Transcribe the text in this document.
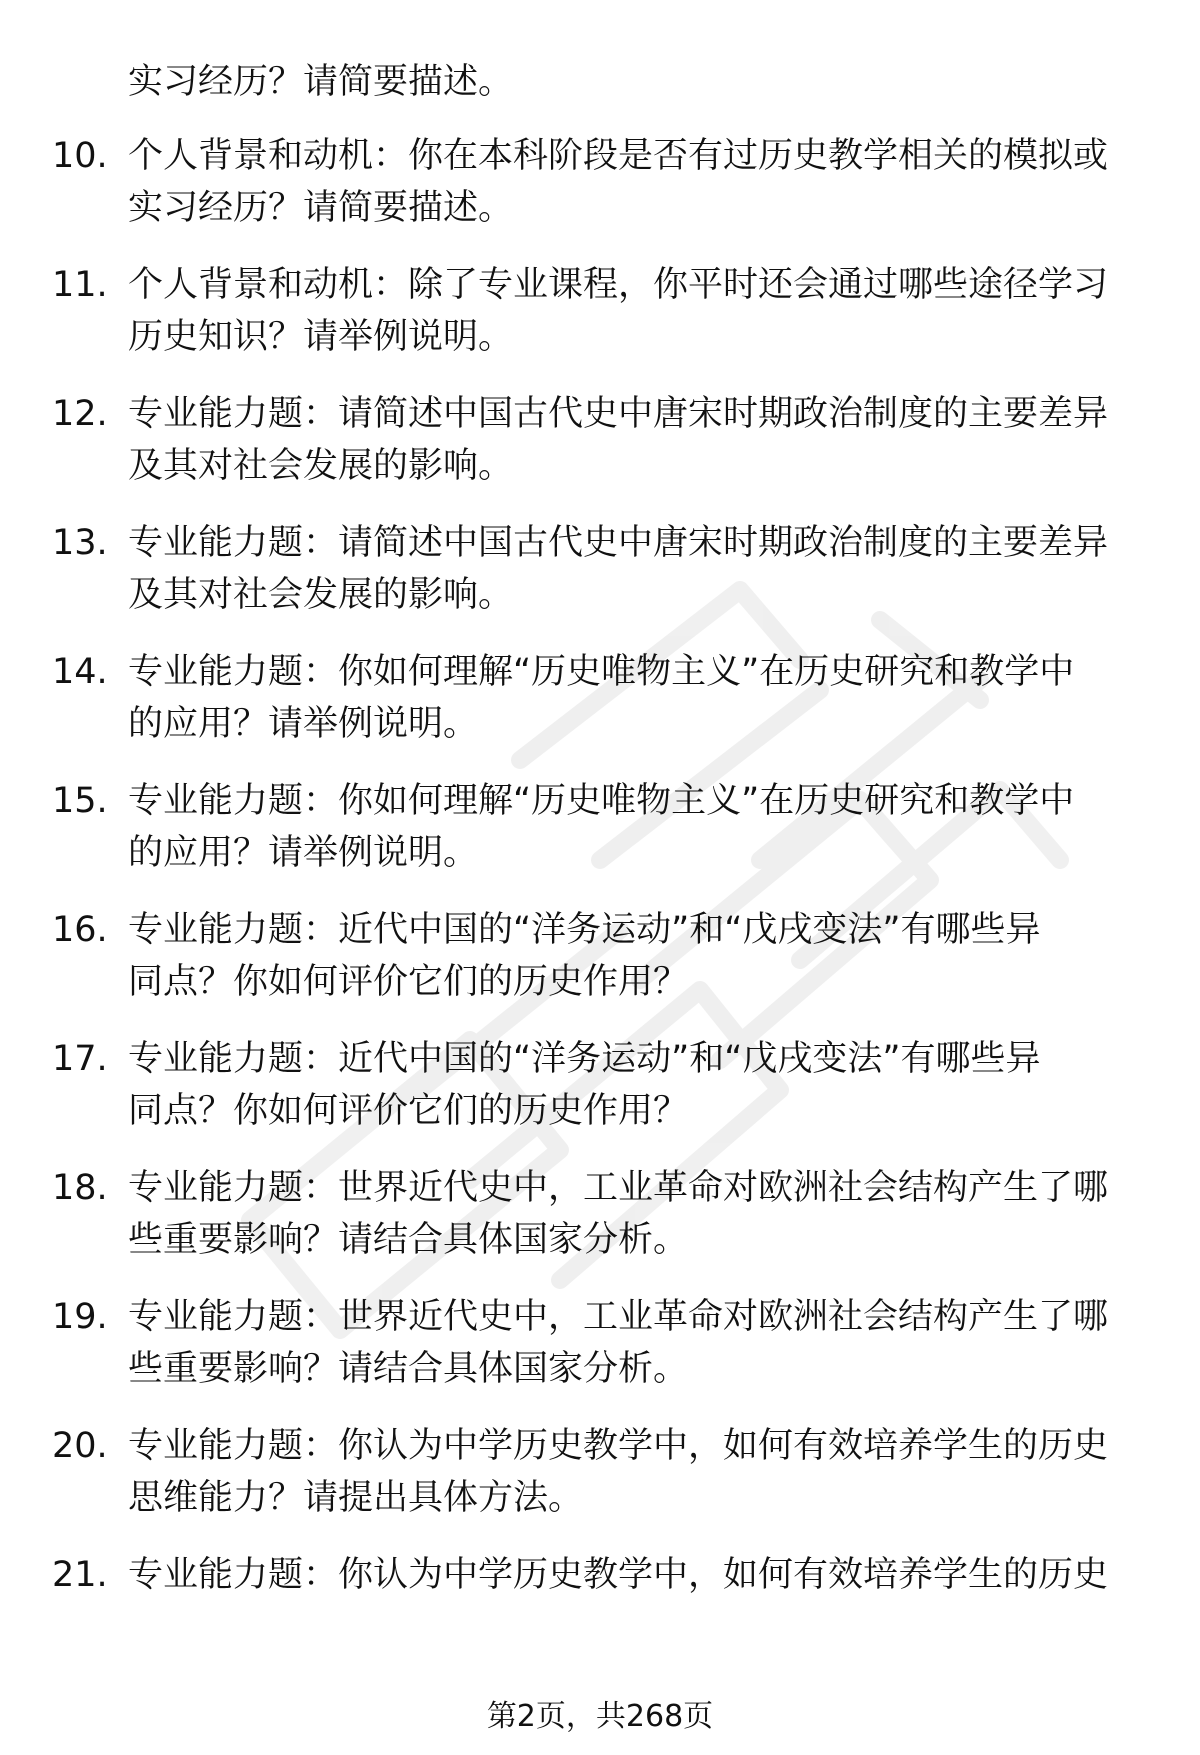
实习经历？请简要描述。
10. 个人背景和动机：你在本科阶段是否有过历史教学相关的模拟或
实习经历？请简要描述。
11. 个人背景和动机：除了专业课程，你平时还会通过哪些途径学习
历史知识？请举例说明。
12. 专业能力题：请简述中国古代史中唐宋时期政治制度的主要差异
及其对社会发展的影响。
13. 专业能力题：请简述中国古代史中唐宋时期政治制度的主要差异
及其对社会发展的影响。
14. 专业能力题：你如何理解“历史唯物主义”在历史研究和教学中
的应用？请举例说明。
15. 专业能力题：你如何理解“历史唯物主义”在历史研究和教学中
的应用？请举例说明。
16. 专业能力题：近代中国的“洋务运动”和“戊戌变法”有哪些异
同点？你如何评价它们的历史作用？
17. 专业能力题：近代中国的“洋务运动”和“戊戌变法”有哪些异
同点？你如何评价它们的历史作用？
18. 专业能力题：世界近代史中，工业革命对欧洲社会结构产生了哪
些重要影响？请结合具体国家分析。
19. 专业能力题：世界近代史中，工业革命对欧洲社会结构产生了哪
些重要影响？请结合具体国家分析。
20. 专业能力题：你认为中学历史教学中，如何有效培养学生的历史
思维能力？请提出具体方法。
21. 专业能力题：你认为中学历史教学中，如何有效培养学生的历史
第2页，共268页
